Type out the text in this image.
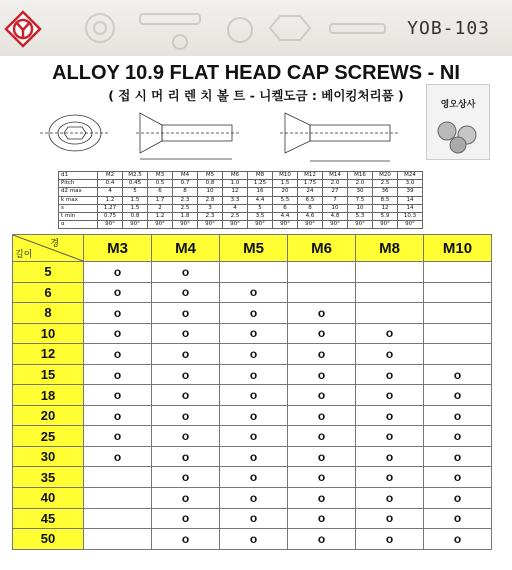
YOB-103
ALLOY 10.9 FLAT HEAD CAP SCREWS - NI
( 접 시 머 리 렌 치 볼 트 - 니켈도금 : 베이킹처리품 )
영오상사
d1	M2	M2.5	M3	M4	M5	M6	M8	M10	M12	M14	M16	M20	M24
Pitch	0.4	0.45	0.5	0.7	0.8	1.0	1.25	1.5	1.75	2.0	2.0	2.5	3.0
d2 max	4	5	6	8	10	12	16	20	24	27	30	36	39
k max	1.2	1.5	1.7	2.3	2.8	3.3	4.4	5.5	6.5	7	7.5	8.5	14
s	1.27	1.5	2	2.5	3	4	5	6	8	10	10	12	14
t min	0.75	0.8	1.2	1.8	2.3	2.5	3.5	4.4	4.6	4.8	5.3	5.9	10.3
α	90°	90°	90°	90°	90°	90°	90°	90°	90°	90°	90°	90°	90°
경
길이	M3	M4	M5	M6	M8	M10
5	o	o				
6	o	o	o			
8	o	o	o	o		
10	o	o	o	o	o	
12	o	o	o	o	o	
15	o	o	o	o	o	o
18	o	o	o	o	o	o
20	o	o	o	o	o	o
25	o	o	o	o	o	o
30	o	o	o	o	o	o
35		o	o	o	o	o
40		o	o	o	o	o
45		o	o	o	o	o
50		o	o	o	o	o
